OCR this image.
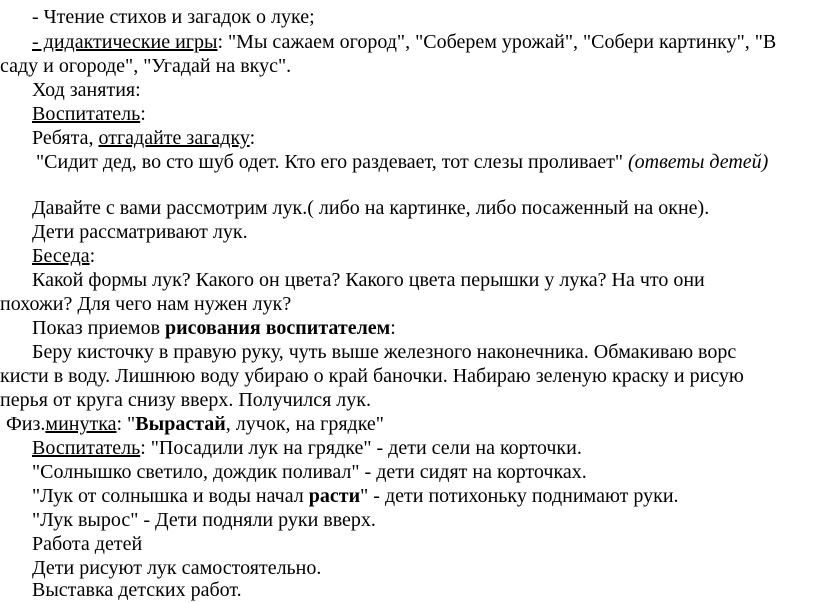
- Чтение стихов и загадок о луке;
- дидактические игры: "Мы сажаем огород", "Соберем урожай", "Собери картинку", "В
саду и огороде", "Угадай на вкус".
Ход занятия:
Воспитатель:
Ребята, отгадайте загадку:
"Сидит дед, во сто шуб одет. Кто его раздевает, тот слезы проливает" (ответы детей)
Давайте с вами рассмотрим лук.( либо на картинке, либо посаженный на окне).
Дети рассматривают лук.
Беседа:
Какой формы лук? Какого он цвета? Какого цвета перышки у лука? На что они
похожи? Для чего нам нужен лук?
Показ приемов рисования воспитателем:
Беру кисточку в правую руку, чуть выше железного наконечника. Обмакиваю ворс
кисти в воду. Лишнюю воду убираю о край баночки. Набираю зеленую краску и рисую
перья от круга снизу вверх. Получился лук.
Физ.минутка: "Вырастай, лучок, на грядке"
Воспитатель: "Посадили лук на грядке" - дети сели на корточки.
"Солнышко светило, дождик поливал" - дети сидят на корточках.
"Лук от солнышка и воды начал расти" - дети потихоньку поднимают руки.
"Лук вырос" - Дети подняли руки вверх.
Работа детей
Дети рисуют лук самостоятельно.
Выставка детских работ.
